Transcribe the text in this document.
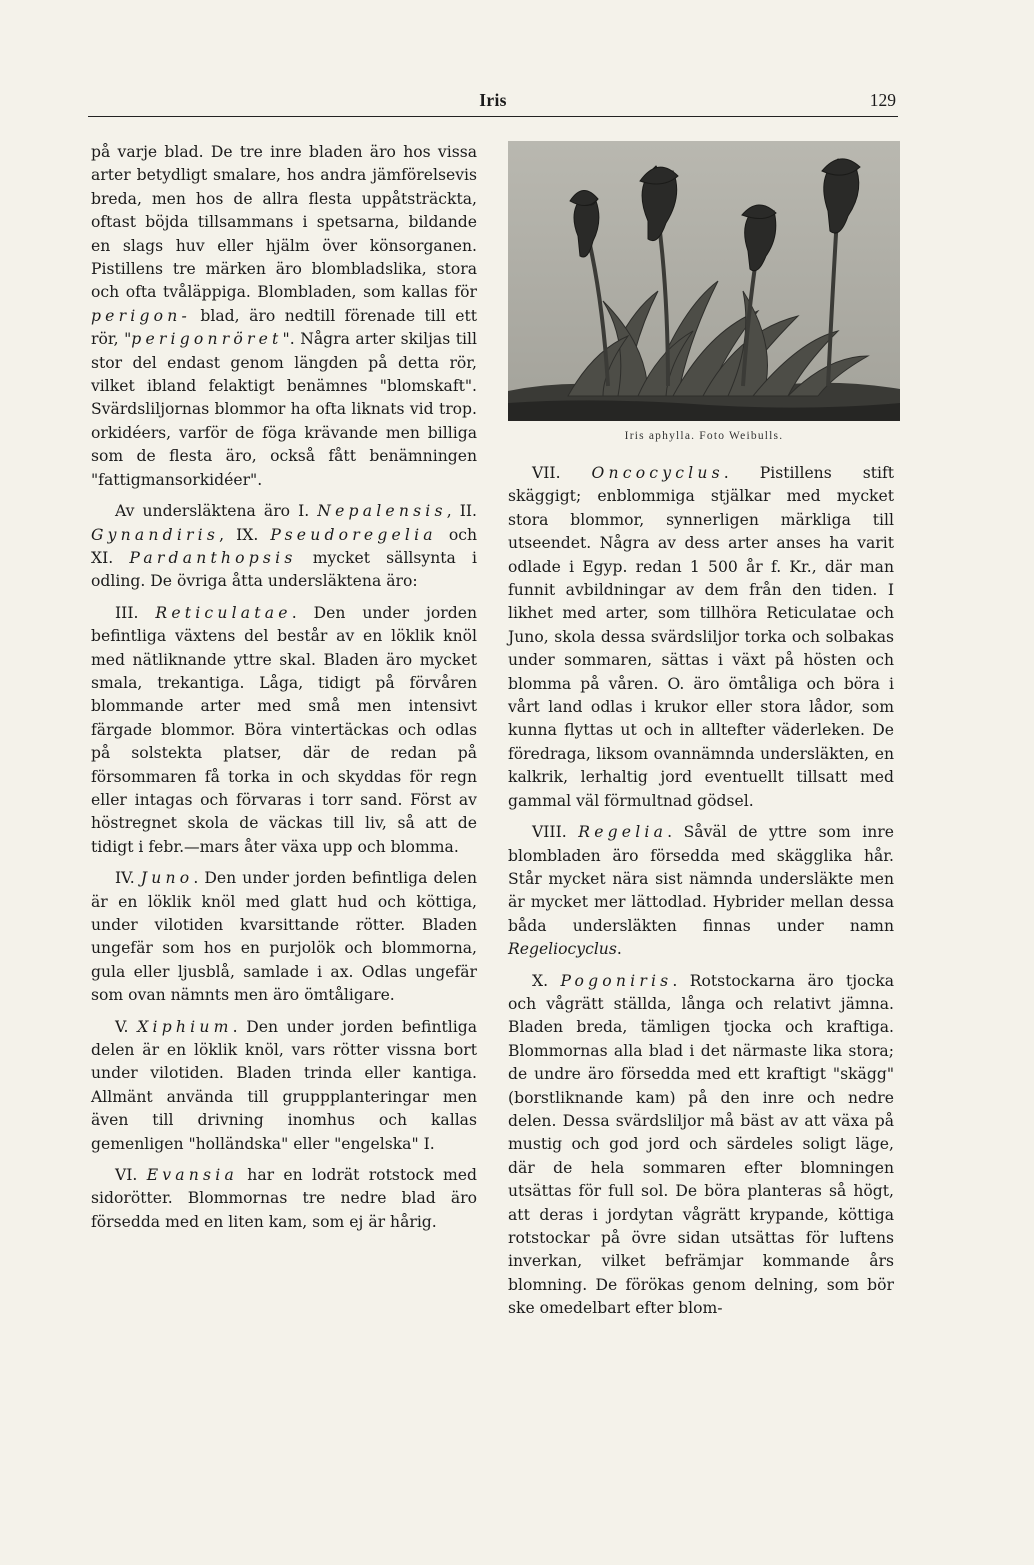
Iris	129

på varje blad. De tre inre bladen äro hos vissa arter betydligt smalare, hos andra jämförelsevis breda, men hos de allra flesta uppåtsträckta, oftast böjda tillsammans i spetsarna, bildande en slags huv eller hjälm över könsorganen. Pistillens tre märken äro blombladslika, stora och ofta tvåläppiga. Blombladen, som kallas för perigon- blad, äro nedtill förenade till ett rör, "perigonröret". Några arter skiljas till stor del endast genom längden på detta rör, vilket ibland felaktigt benämnes "blomskaft". Svärdsliljornas blommor ha ofta liknats vid trop. orkidéers, varför de föga krävande men billiga som de flesta äro, också fått benämningen "fattigmansorkidéer".

Av undersläktena äro I. Nepalensis, II. Gynandiris, IX. Pseudoregelia och XI. Pardanthopsis mycket sällsynta i odling. De övriga åtta undersläktena äro:

III. Reticulatae. Den under jorden befintliga växtens del består av en löklik knöl med nätliknande yttre skal. Bladen äro mycket smala, trekantiga. Låga, tidigt på förvåren blommande arter med små men intensivt färgade blommor. Böra vintertäckas och odlas på solstekta platser, där de redan på försommaren få torka in och skyddas för regn eller intagas och förvaras i torr sand. Först av höstregnet skola de väckas till liv, så att de tidigt i febr.—mars åter växa upp och blomma.

IV. Juno. Den under jorden befintliga delen är en löklik knöl med glatt hud och köttiga, under vilotiden kvarsittande rötter. Bladen ungefär som hos en purjolök och blommorna, gula eller ljusblå, samlade i ax. Odlas ungefär som ovan nämnts men äro ömtåligare.

V. Xiphium. Den under jorden befintliga delen är en löklik knöl, vars rötter vissna bort under vilotiden. Bladen trinda eller kantiga. Allmänt använda till gruppplanteringar men även till drivning inomhus och kallas gemenligen "holländska" eller "engelska" I.

VI. Evansia har en lodrät rotstock med sidorötter. Blommornas tre nedre blad äro försedda med en liten kam, som ej är hårig.

Iris aphylla. Foto Weibulls.

VII. Oncocyclus. Pistillens stift skäggigt; enblommiga stjälkar med mycket stora blommor, synnerligen märkliga till utseendet. Några av dess arter anses ha varit odlade i Egyp. redan 1 500 år f. Kr., där man funnit avbildningar av dem från den tiden. I likhet med arter, som tillhöra Reticulatae och Juno, skola dessa svärdsliljor torka och solbakas under sommaren, sättas i växt på hösten och blomma på våren. O. äro ömtåliga och böra i vårt land odlas i krukor eller stora lådor, som kunna flyttas ut och in alltefter väderleken. De föredraga, liksom ovannämnda undersläkten, en kalkrik, lerhaltig jord eventuellt tillsatt med gammal väl förmultnad gödsel.

VIII. Regelia. Såväl de yttre som inre blombladen äro försedda med skägglika hår. Står mycket nära sist nämnda undersläkte men är mycket mer lättodlad. Hybrider mellan dessa båda undersläkten finnas under namn Regeliocyclus.

X. Pogoniris. Rotstockarna äro tjocka och vågrätt ställda, långa och relativt jämna. Bladen breda, tämligen tjocka och kraftiga. Blommornas alla blad i det närmaste lika stora; de undre äro försedda med ett kraftigt "skägg" (borstliknande kam) på den inre och nedre delen. Dessa svärdsliljor må bäst av att växa på mustig och god jord och särdeles soligt läge, där de hela sommaren efter blomningen utsättas för full sol. De böra planteras så högt, att deras i jordytan vågrätt krypande, köttiga rotstockar på övre sidan utsättas för luftens inverkan, vilket befrämjar kommande års blomning. De förökas genom delning, som bör ske omedelbart efter blom-
